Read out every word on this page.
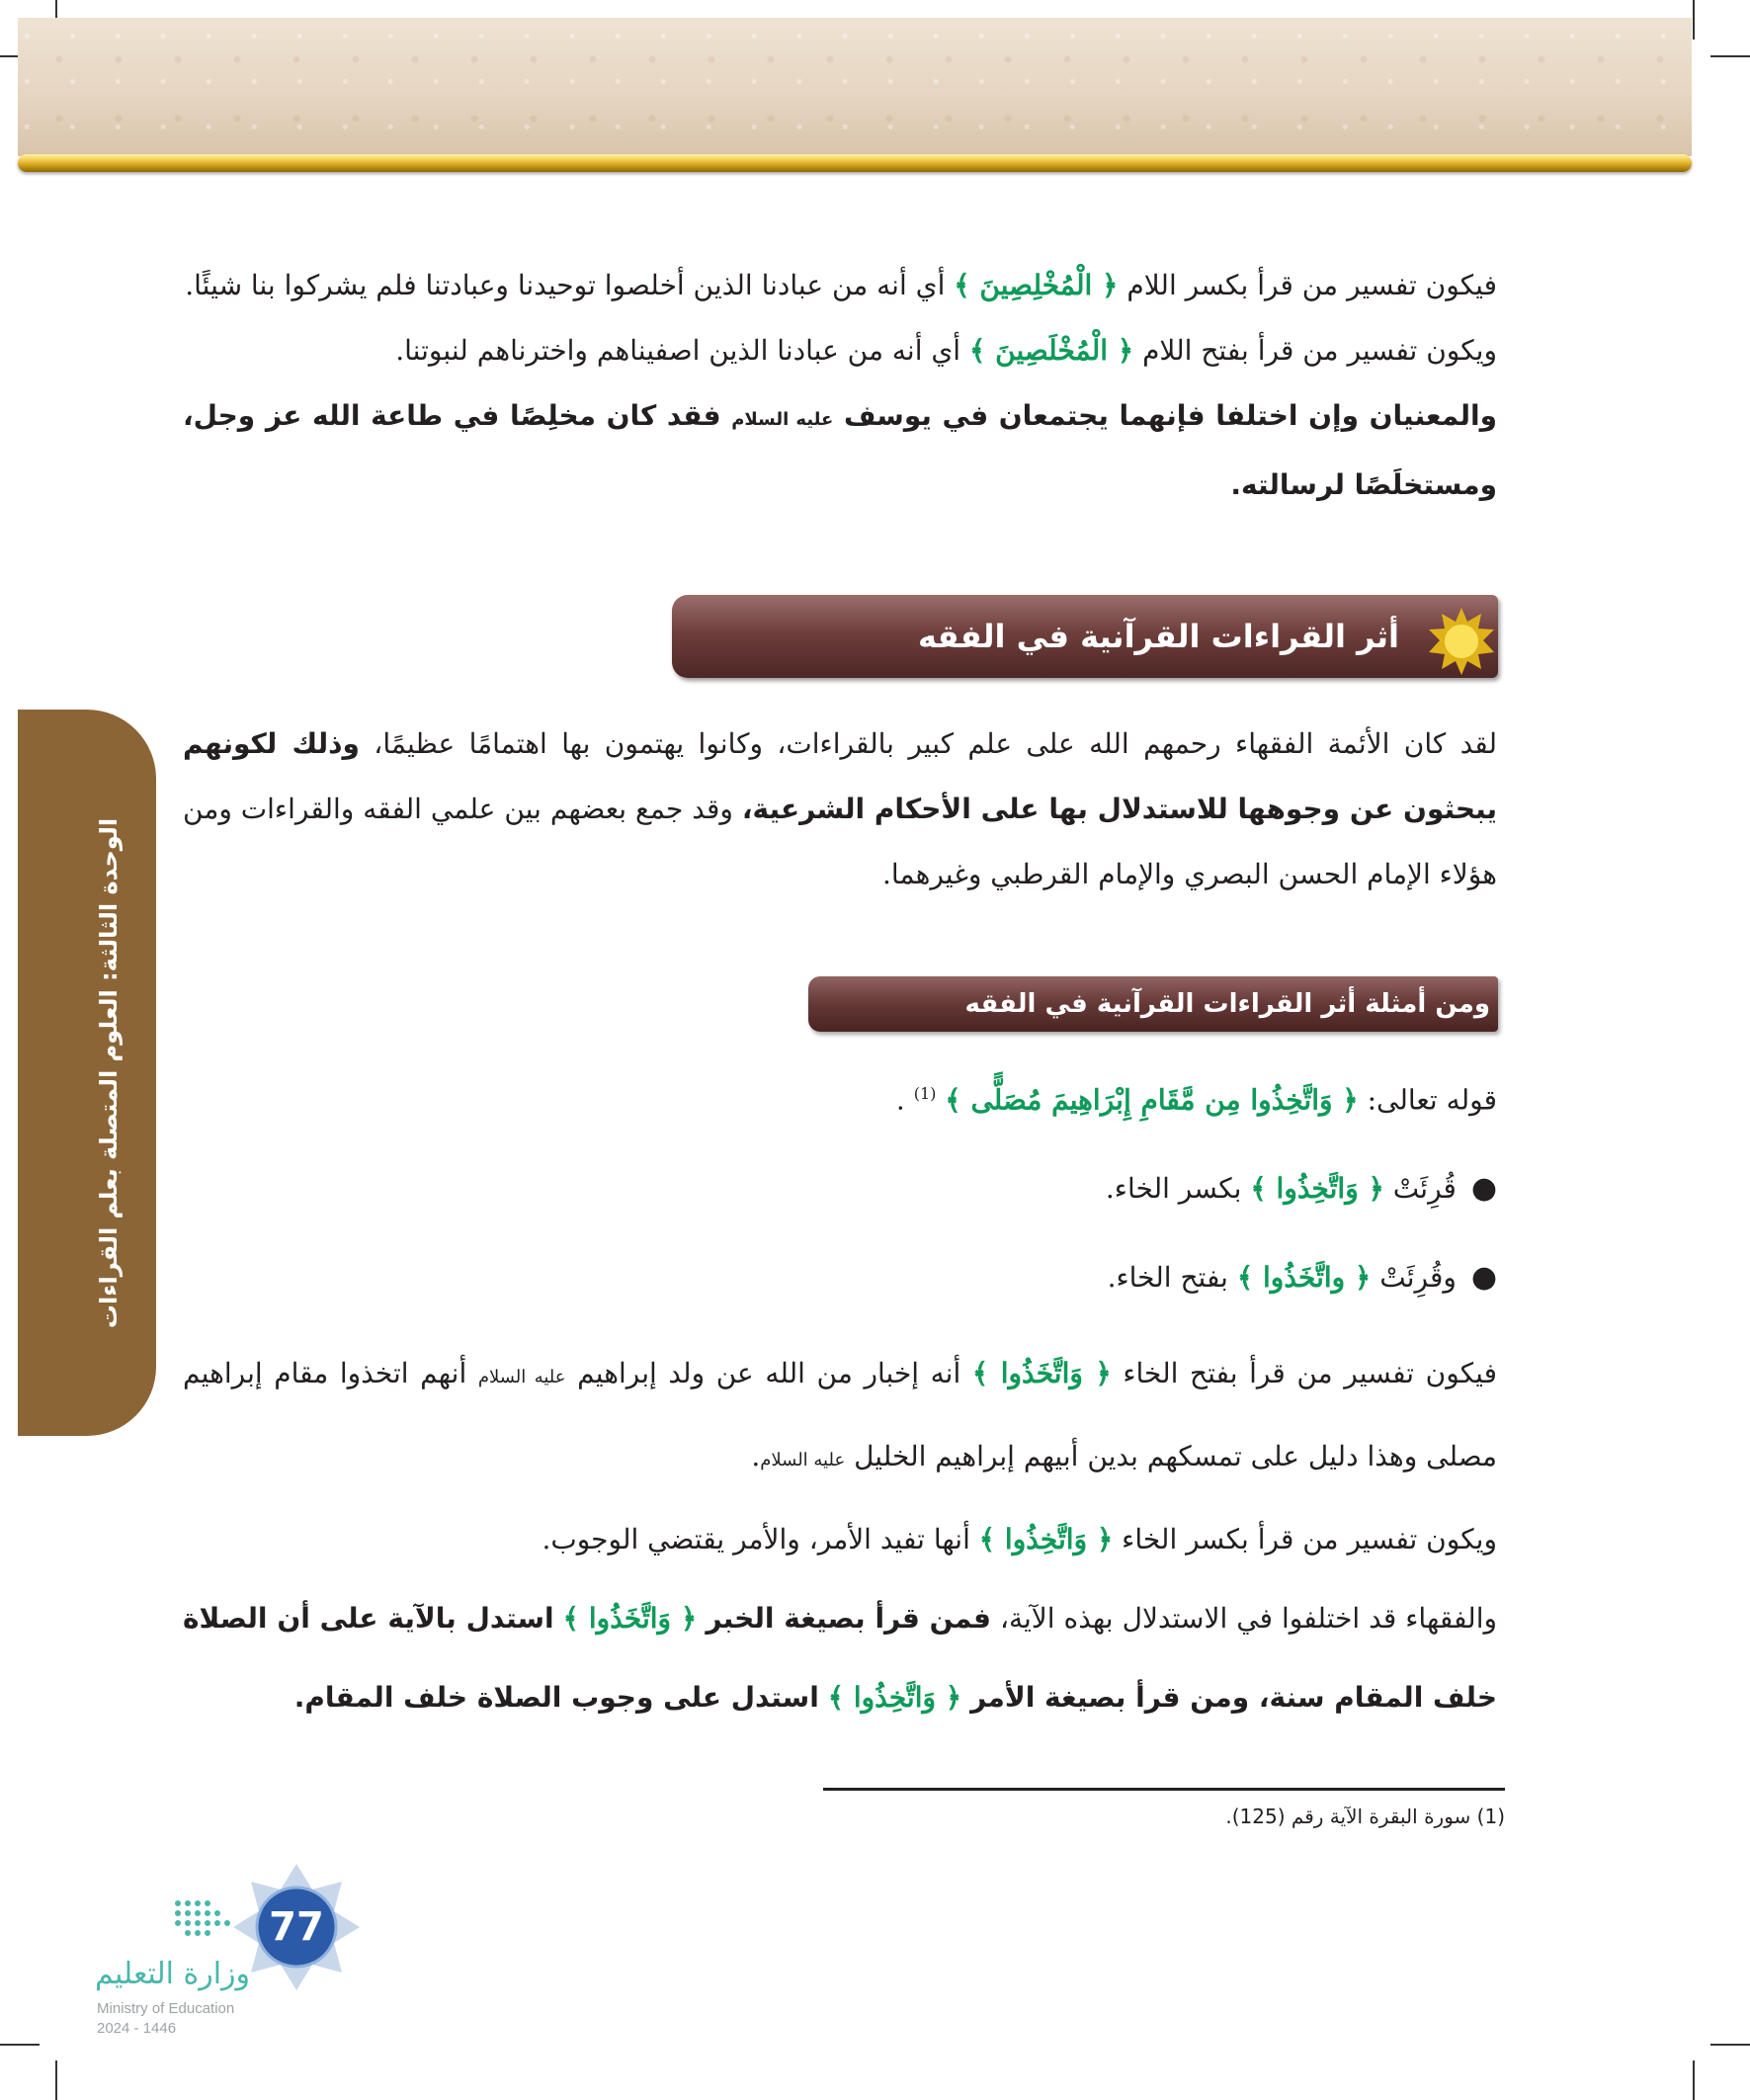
الوحدة الثالثة: العلوم المتصلة بعلم القراءات

فيكون تفسير من قرأ بكسر اللام ﴿ الْمُخْلِصِينَ ﴾ أي أنه من عبادنا الذين أخلصوا توحيدنا وعبادتنا فلم يشركوا بنا شيئًا.

ويكون تفسير من قرأ بفتح اللام ﴿ الْمُخْلَصِينَ ﴾ أي أنه من عبادنا الذين اصفيناهم واخترناهم لنبوتنا.

والمعنيان وإن اختلفا فإنهما يجتمعان في يوسف عليه السلام فقد كان مخلِصًا في طاعة الله عز وجل، ومستخلَصًا لرسالته.

أثر القراءات القرآنية في الفقه

لقد كان الأئمة الفقهاء رحمهم الله على علم كبير بالقراءات، وكانوا يهتمون بها اهتمامًا عظيمًا، وذلك لكونهم يبحثون عن وجوهها للاستدلال بها على الأحكام الشرعية، وقد جمع بعضهم بين علمي الفقه والقراءات ومن هؤلاء الإمام الحسن البصري والإمام القرطبي وغيرهما.

ومن أمثلة أثر القراءات القرآنية في الفقه

قوله تعالى: ﴿ وَاتَّخِذُوا مِن مَّقَامِ إِبْرَاهِيمَ مُصَلًّى ﴾ $^{(1)}$ .

● قُرِئَتْ ﴿ وَاتَّخِذُوا ﴾ بكسر الخاء.

● وقُرِئَتْ ﴿ واتَّخَذُوا ﴾ بفتح الخاء.

فيكون تفسير من قرأ بفتح الخاء ﴿ وَاتَّخَذُوا ﴾ أنه إخبار من الله عن ولد إبراهيم عليه السلام أنهم اتخذوا مقام إبراهيم مصلى وهذا دليل على تمسكهم بدين أبيهم إبراهيم الخليل عليه السلام.

ويكون تفسير من قرأ بكسر الخاء ﴿ وَاتَّخِذُوا ﴾ أنها تفيد الأمر، والأمر يقتضي الوجوب.

والفقهاء قد اختلفوا في الاستدلال بهذه الآية، فمن قرأ بصيغة الخبر ﴿ وَاتَّخَذُوا ﴾ استدل بالآية على أن الصلاة خلف المقام سنة، ومن قرأ بصيغة الأمر ﴿ وَاتَّخِذُوا ﴾ استدل على وجوب الصلاة خلف المقام.

(1) سورة البقرة الآية رقم (125).
77
وزارة التعليم
Ministry of Education
2024 - 1446
